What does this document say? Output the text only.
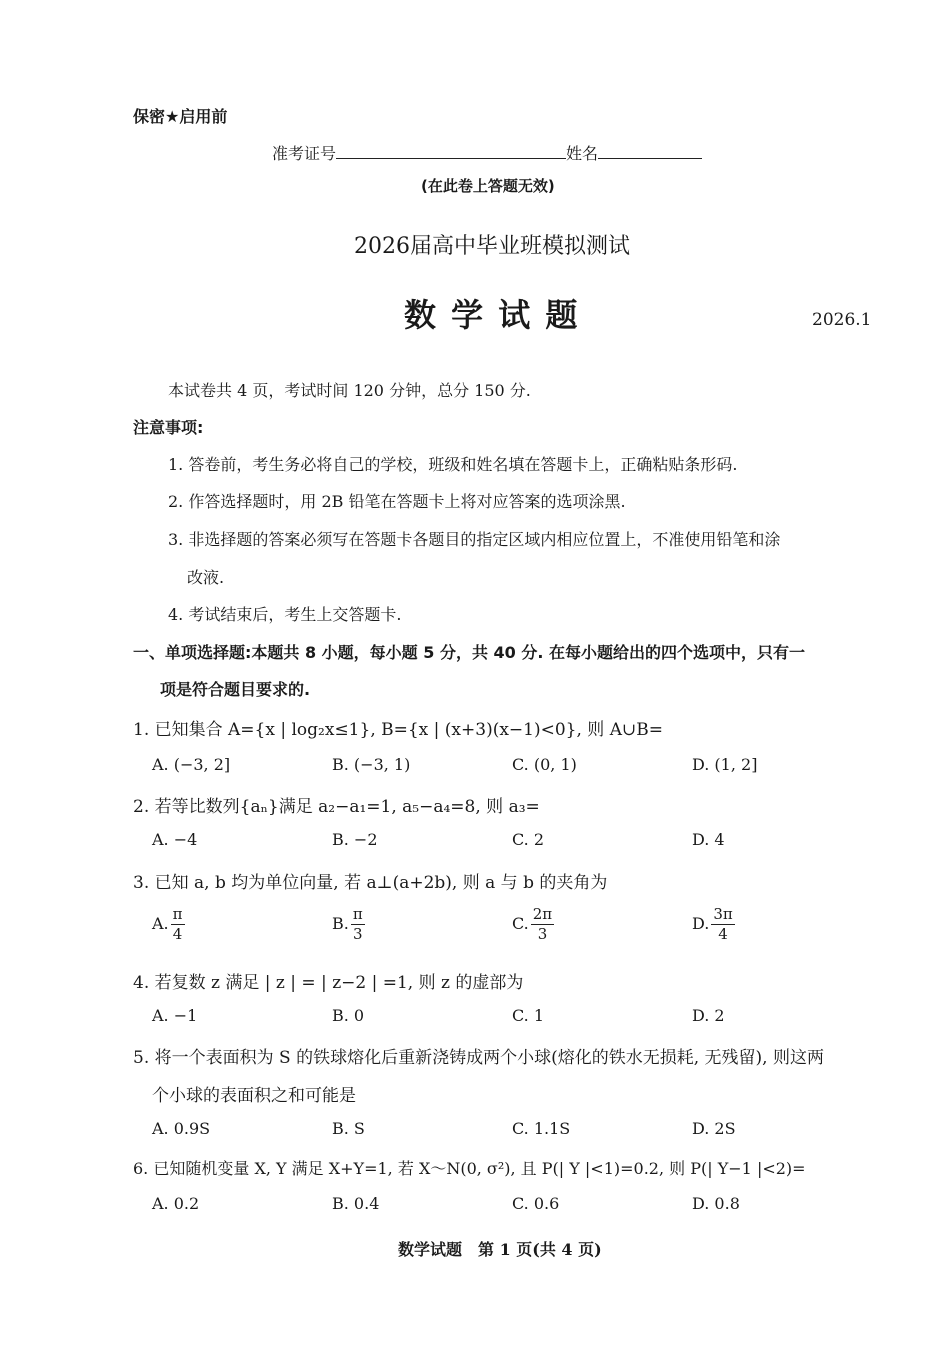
保密★启用前
准考证号	姓名
(在此卷上答题无效)
2026届高中毕业班模拟测试
数 学 试 题	2026.1
本试卷共 4 页，考试时间 120 分钟，总分 150 分.
注意事项:
1. 答卷前，考生务必将自己的学校，班级和姓名填在答题卡上，正确粘贴条形码.
2. 作答选择题时，用 2B 铅笔在答题卡上将对应答案的选项涂黑.
3. 非选择题的答案必须写在答题卡各题目的指定区域内相应位置上，不准使用铅笔和涂
改液.
4. 考试结束后，考生上交答题卡.
一、单项选择题:本题共 8 小题，每小题 5 分，共 40 分. 在每小题给出的四个选项中，只有一
项是符合题目要求的.
1. 已知集合 A={x | log₂x≤1}, B={x | (x+3)(x−1)<0}, 则 A∪B=
A. (−3, 2]	B. (−3, 1)	C. (0, 1)	D. (1, 2]
2. 若等比数列{aₙ}满足 a₂−a₁=1, a₅−a₄=8, 则 a₃=
A. −4	B. −2	C. 2	D. 4
3. 已知 a, b 均为单位向量, 若 a⊥(a+2b), 则 a 与 b 的夹角为
A. $\frac{\pi}{4}$	B. $\frac{\pi}{3}$	C. $\frac{2\pi}{3}$	D. $\frac{3\pi}{4}$
4. 若复数 z 满足 | z | = | z−2 | =1, 则 z 的虚部为
A. −1	B. 0	C. 1	D. 2
5. 将一个表面积为 S 的铁球熔化后重新浇铸成两个小球(熔化的铁水无损耗, 无残留), 则这两
个小球的表面积之和可能是
A. 0.9S	B. S	C. 1.1S	D. 2S
6. 已知随机变量 X, Y 满足 X+Y=1, 若 X～N(0, σ²), 且 P(| Y |<1)=0.2, 则 P(| Y−1 |<2)=
A. 0.2	B. 0.4	C. 0.6	D. 0.8
数学试题　第 1 页(共 4 页)
